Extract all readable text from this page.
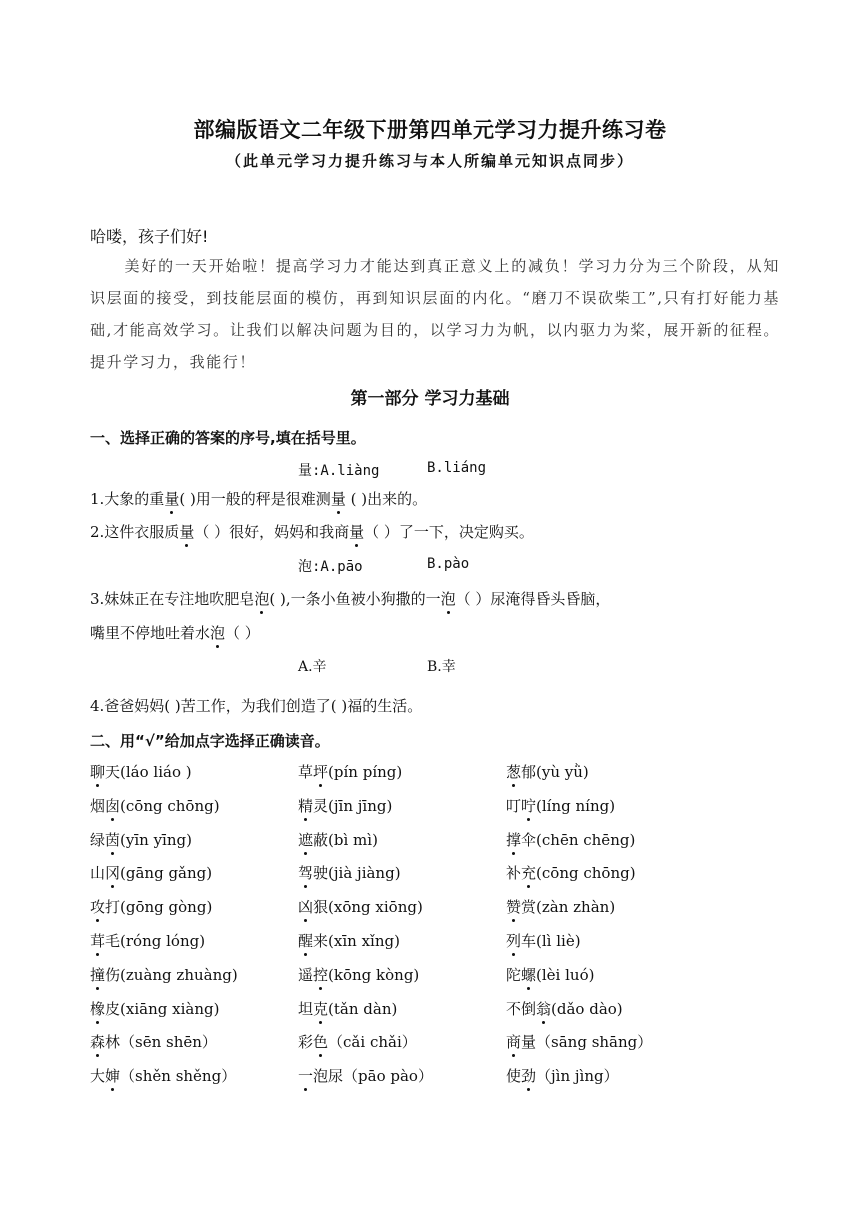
部编版语文二年级下册第四单元学习力提升练习卷
（此单元学习力提升练习与本人所编单元知识点同步）
哈喽，孩子们好!
美好的一天开始啦！提高学习力才能达到真正意义上的减负！学习力分为三个阶段，从知识层面的接受，到技能层面的模仿，再到知识层面的内化。“磨刀不误砍柴工”,只有打好能力基础,才能高效学习。让我们以解决问题为目的，以学习力为帆，以内驱力为桨，展开新的征程。提升学习力，我能行！
第一部分 学习力基础
一、选择正确的答案的序号,填在括号里。
量:A.liàng	B.liáng
1.大象的重量( )用一般的秤是很难测量 ( )出来的。
2.这件衣服质量（ ）很好，妈妈和我商量（ ）了一下，决定购买。
泡:A.pāo	B.pào
3.妹妹正在专注地吹肥皂泡( ),一条小鱼被小狗撒的一泡（ ）尿淹得昏头昏脑，
嘴里不停地吐着水泡（ ）
A.辛	B.幸
4.爸爸妈妈( )苦工作，为我们创造了( )福的生活。
二、用“√”给加点字选择正确读音。
聊天(láo liáo )	草坪(pín píng)	葱郁(yù yǜ)
烟囱(cōng chōng)	精灵(jīn jīng)	叮咛(líng níng)
绿茵(yīn yīng)	遮蔽(bì mì)	撑伞(chēn chēng)
山冈(gāng gǎng)	驾驶(jià jiàng)	补充(cōng chōng)
攻打(gōng gòng)	凶狠(xōng xiōng)	赞赏(zàn zhàn)
茸毛(róng lóng)	醒来(xīn xǐng)	列车(lì liè)
撞伤(zuàng zhuàng)	遥控(kōng kòng)	陀螺(lèi luó)
橡皮(xiāng xiàng)	坦克(tǎn dàn)	不倒翁(dǎo dào)
森林（sēn shēn）	彩色（cǎi chǎi）	商量（sāng shāng）
大婶（shěn shěng）	一泡尿（pāo pào）	使劲（jìn jìng）
